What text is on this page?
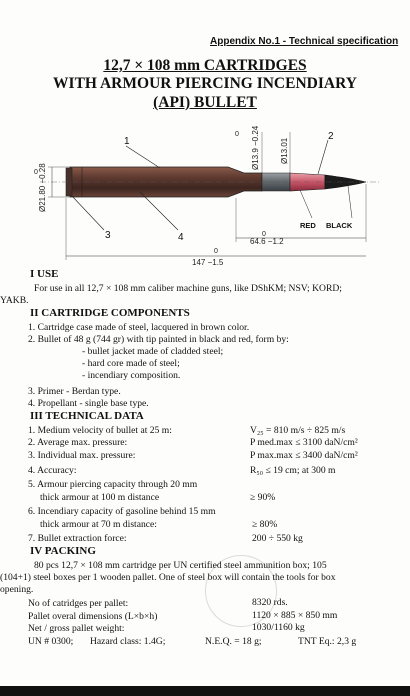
Appendix No.1 - Technical specification
12,7 × 108 mm CARTRIDGES
WITH ARMOUR PIERCING INCENDIARY
(API) BULLET
Ø21.80 −0.28
0
Ø13.9 −0.24
0
Ø13.01
1	2
3	4
RED BLACK
64.6 −1.2
0
147 −1.5
0
I USE
For use in all 12,7 × 108 mm caliber machine guns, like DShKM; NSV; KORD;
YAKB.
II CARTRIDGE COMPONENTS
1. Cartridge case made of steel, lacquered in brown color.
2. Bullet of 48 g (744 gr) with tip painted in black and red, form by:
- bullet jacket made of cladded steel;
- hard core made of steel;
- incendiary composition.
3. Primer - Berdan type.
4. Propellant - single base type.
III TECHNICAL DATA
1. Medium velocity of bullet at 25 m:	V₂₅ = 810 m/s ÷ 825 m/s
2. Average max. pressure:	P med.max ≤ 3100 daN/cm²
3. Individual max. pressure:	P max.max ≤ 3400 daN/cm²
4. Accuracy:	R₅₀ ≤ 19 cm; at 300 m
5. Armour piercing capacity through 20 mm
thick armour at 100 m distance	≥ 90%
6. Incendiary capacity of gasoline behind 15 mm
thick armour at 70 m distance:	≥ 80%
7. Bullet extraction force:	200 ÷ 550 kg
IV PACKING
80 pcs 12,7 × 108 mm cartridge per UN certified steel ammunition box; 105
(104+1) steel boxes per 1 wooden pallet. One of steel box will contain the tools for box
opening.
No of catridges per pallet:	8320 rds.
Pallet overal dimensions (L×b×h)	1120 × 885 × 850 mm
Net / gross pallet weight:	1030/1160 kg
UN # 0300; Hazard class: 1.4G;	N.E.Q. = 18 g;	TNT Eq.: 2,3 g
